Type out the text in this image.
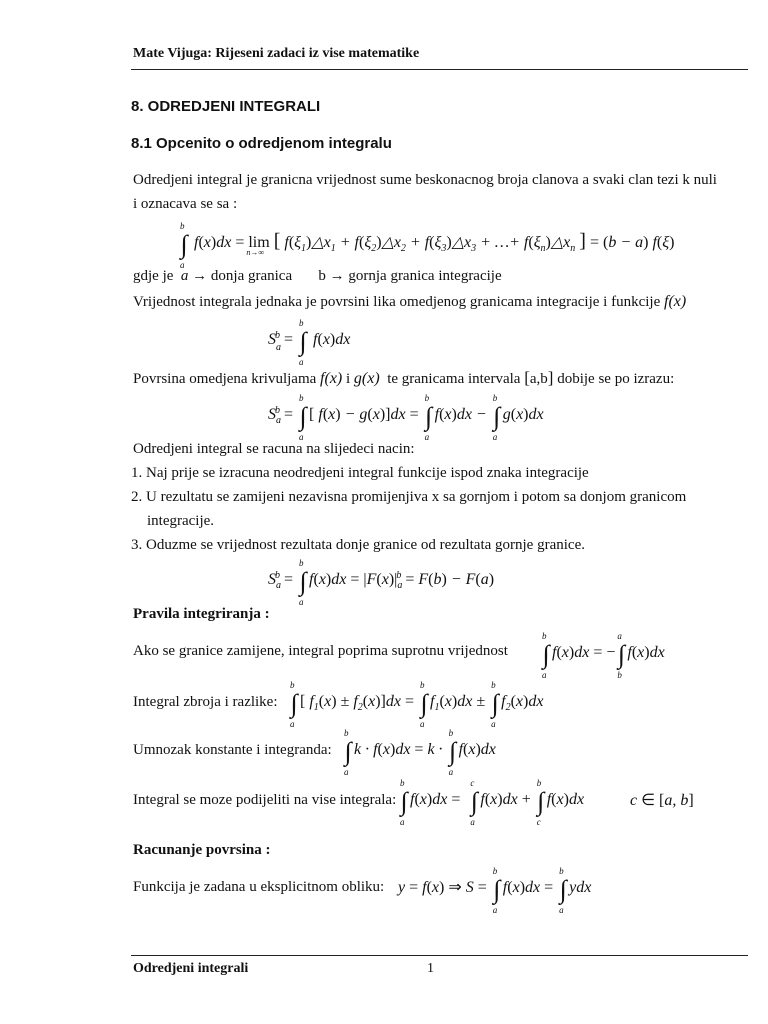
Mate Vijuga: Rijeseni zadaci iz vise matematike
8. ODREDJENI INTEGRALI
8.1 Opcenito o odredjenom integralu
Odredjeni integral je granicna vrijednost sume beskonacnog broja clanova a svaki clan tezi k nuli
i oznacava se sa :
∫
b
a
f(x)dx = lim
n→∞
[ $f(\xi_1)\triangle x_1$ + $f(\xi_2)\triangle x_2$ + $f(\xi_3)\triangle x_3$ + …+ $f(\xi_n)\triangle x_n$ ] = (b − a) f(ξ)
gdje je  a → donja granica       b → gornja granica integracije
Vrijednost integrala jednaka je povrsini lika omedjenog granicama integracije i funkcije f(x)
$S_a^b$ = ∫
b
a
f(x)dx
Povrsina omedjena krivuljama f(x) i g(x)  te granicama intervala [a,b] dobije se po izrazu:
$S_a^b$ = ∫
b
a
[ f(x) − g(x)]dx = ∫
b
a
f(x)dx − ∫
b
a
g(x)dx
Odredjeni integral se racuna na slijedeci nacin:
1. Naj prije se izracuna neodredjeni integral funkcije ispod znaka integracije
2. U rezultatu se zamijeni nezavisna promijenjiva x sa gornjom i potom sa donjom granicom
integracije.
3. Oduzme se vrijednost rezultata donje granice od rezultata gornje granice.
$S_a^b$ = ∫
b
a
$f(x)dx = |F(x)|_a^b = F(b) - F(a)$
Pravila integriranja :
Ako se granice zamijene, integral poprima suprotnu vrijednost ∫
b
a
f(x)dx = −∫
a
b
f(x)dx
Integral zbroja i razlike: ∫
b
a
[ $f_1(x) \pm f_2(x)]dx$ = ∫
b
a
$f_1(x)dx$ ± ∫
b
a
$f_2(x)dx$
Umnozak konstante i integranda: ∫
b
a
k · f(x)dx = k · ∫
b
a
f(x)dx
Integral se moze podijeliti na vise integrala: ∫
b
a
f(x)dx = ∫
c
a
f(x)dx + ∫
b
c
f(x)dx	c ∈ [a, b]
Racunanje povrsina :
Funkcija je zadana u eksplicitnom obliku: y = f(x) ⇒ S = ∫
b
a
f(x)dx = ∫
b
a
ydx
Odredjeni integrali	1
